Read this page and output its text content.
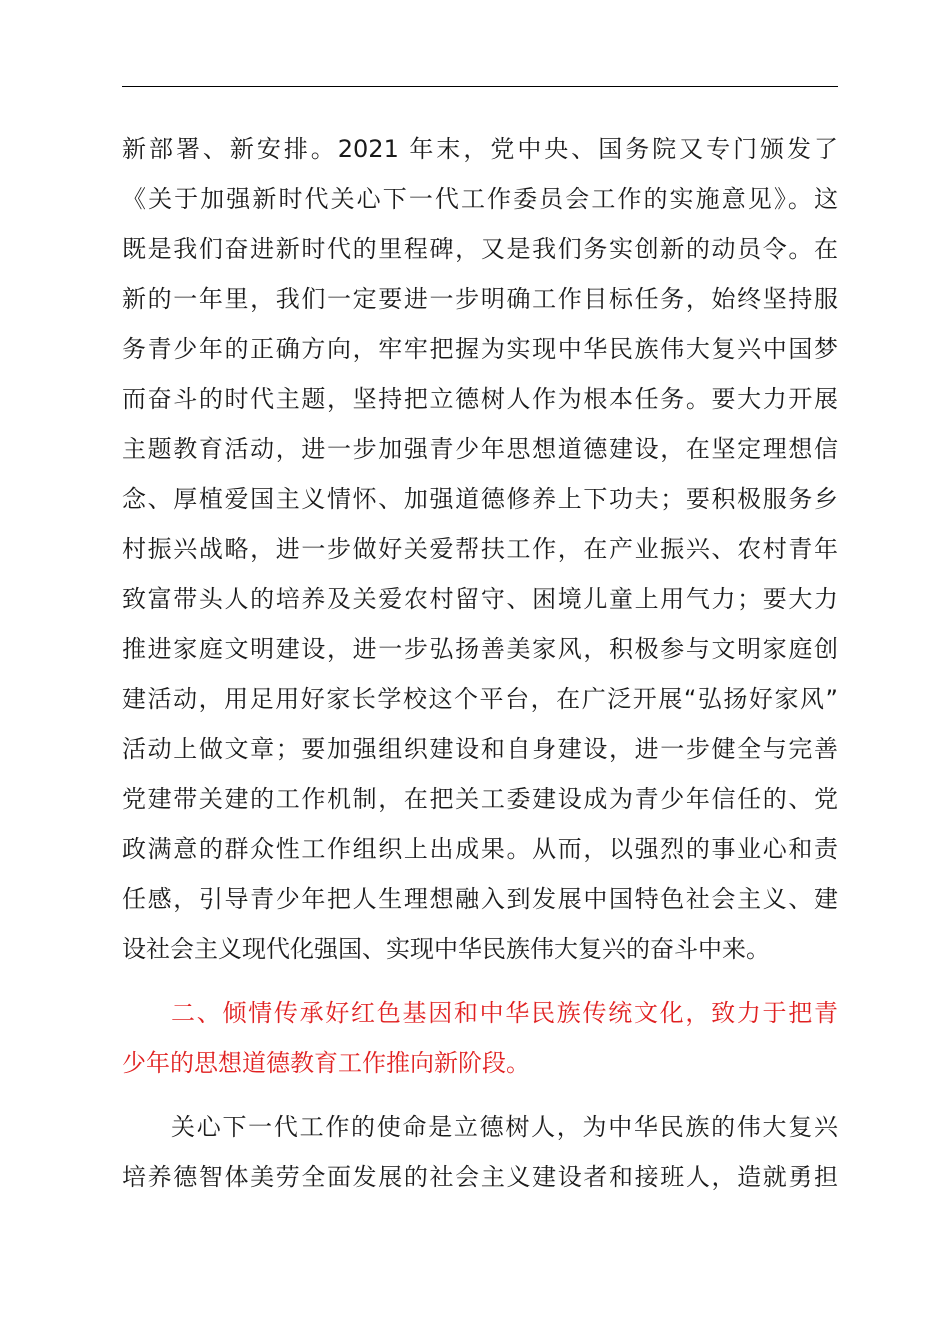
新部署、新安排。2021 年末，党中央、国务院又专门颁发了
《关于加强新时代关心下一代工作委员会工作的实施意见》。这
既是我们奋进新时代的里程碑，又是我们务实创新的动员令。在
新的一年里，我们一定要进一步明确工作目标任务，始终坚持服
务青少年的正确方向，牢牢把握为实现中华民族伟大复兴中国梦
而奋斗的时代主题，坚持把立德树人作为根本任务。要大力开展
主题教育活动，进一步加强青少年思想道德建设，在坚定理想信
念、厚植爱国主义情怀、加强道德修养上下功夫；要积极服务乡
村振兴战略，进一步做好关爱帮扶工作，在产业振兴、农村青年
致富带头人的培养及关爱农村留守、困境儿童上用气力；要大力
推进家庭文明建设，进一步弘扬善美家风，积极参与文明家庭创
建活动，用足用好家长学校这个平台，在广泛开展“弘扬好家风”
活动上做文章；要加强组织建设和自身建设，进一步健全与完善
党建带关建的工作机制，在把关工委建设成为青少年信任的、党
政满意的群众性工作组织上出成果。从而，以强烈的事业心和责
任感，引导青少年把人生理想融入到发展中国特色社会主义、建
设社会主义现代化强国、实现中华民族伟大复兴的奋斗中来。
二、倾情传承好红色基因和中华民族传统文化，致力于把青
少年的思想道德教育工作推向新阶段。
关心下一代工作的使命是立德树人，为中华民族的伟大复兴
培养德智体美劳全面发展的社会主义建设者和接班人，造就勇担
